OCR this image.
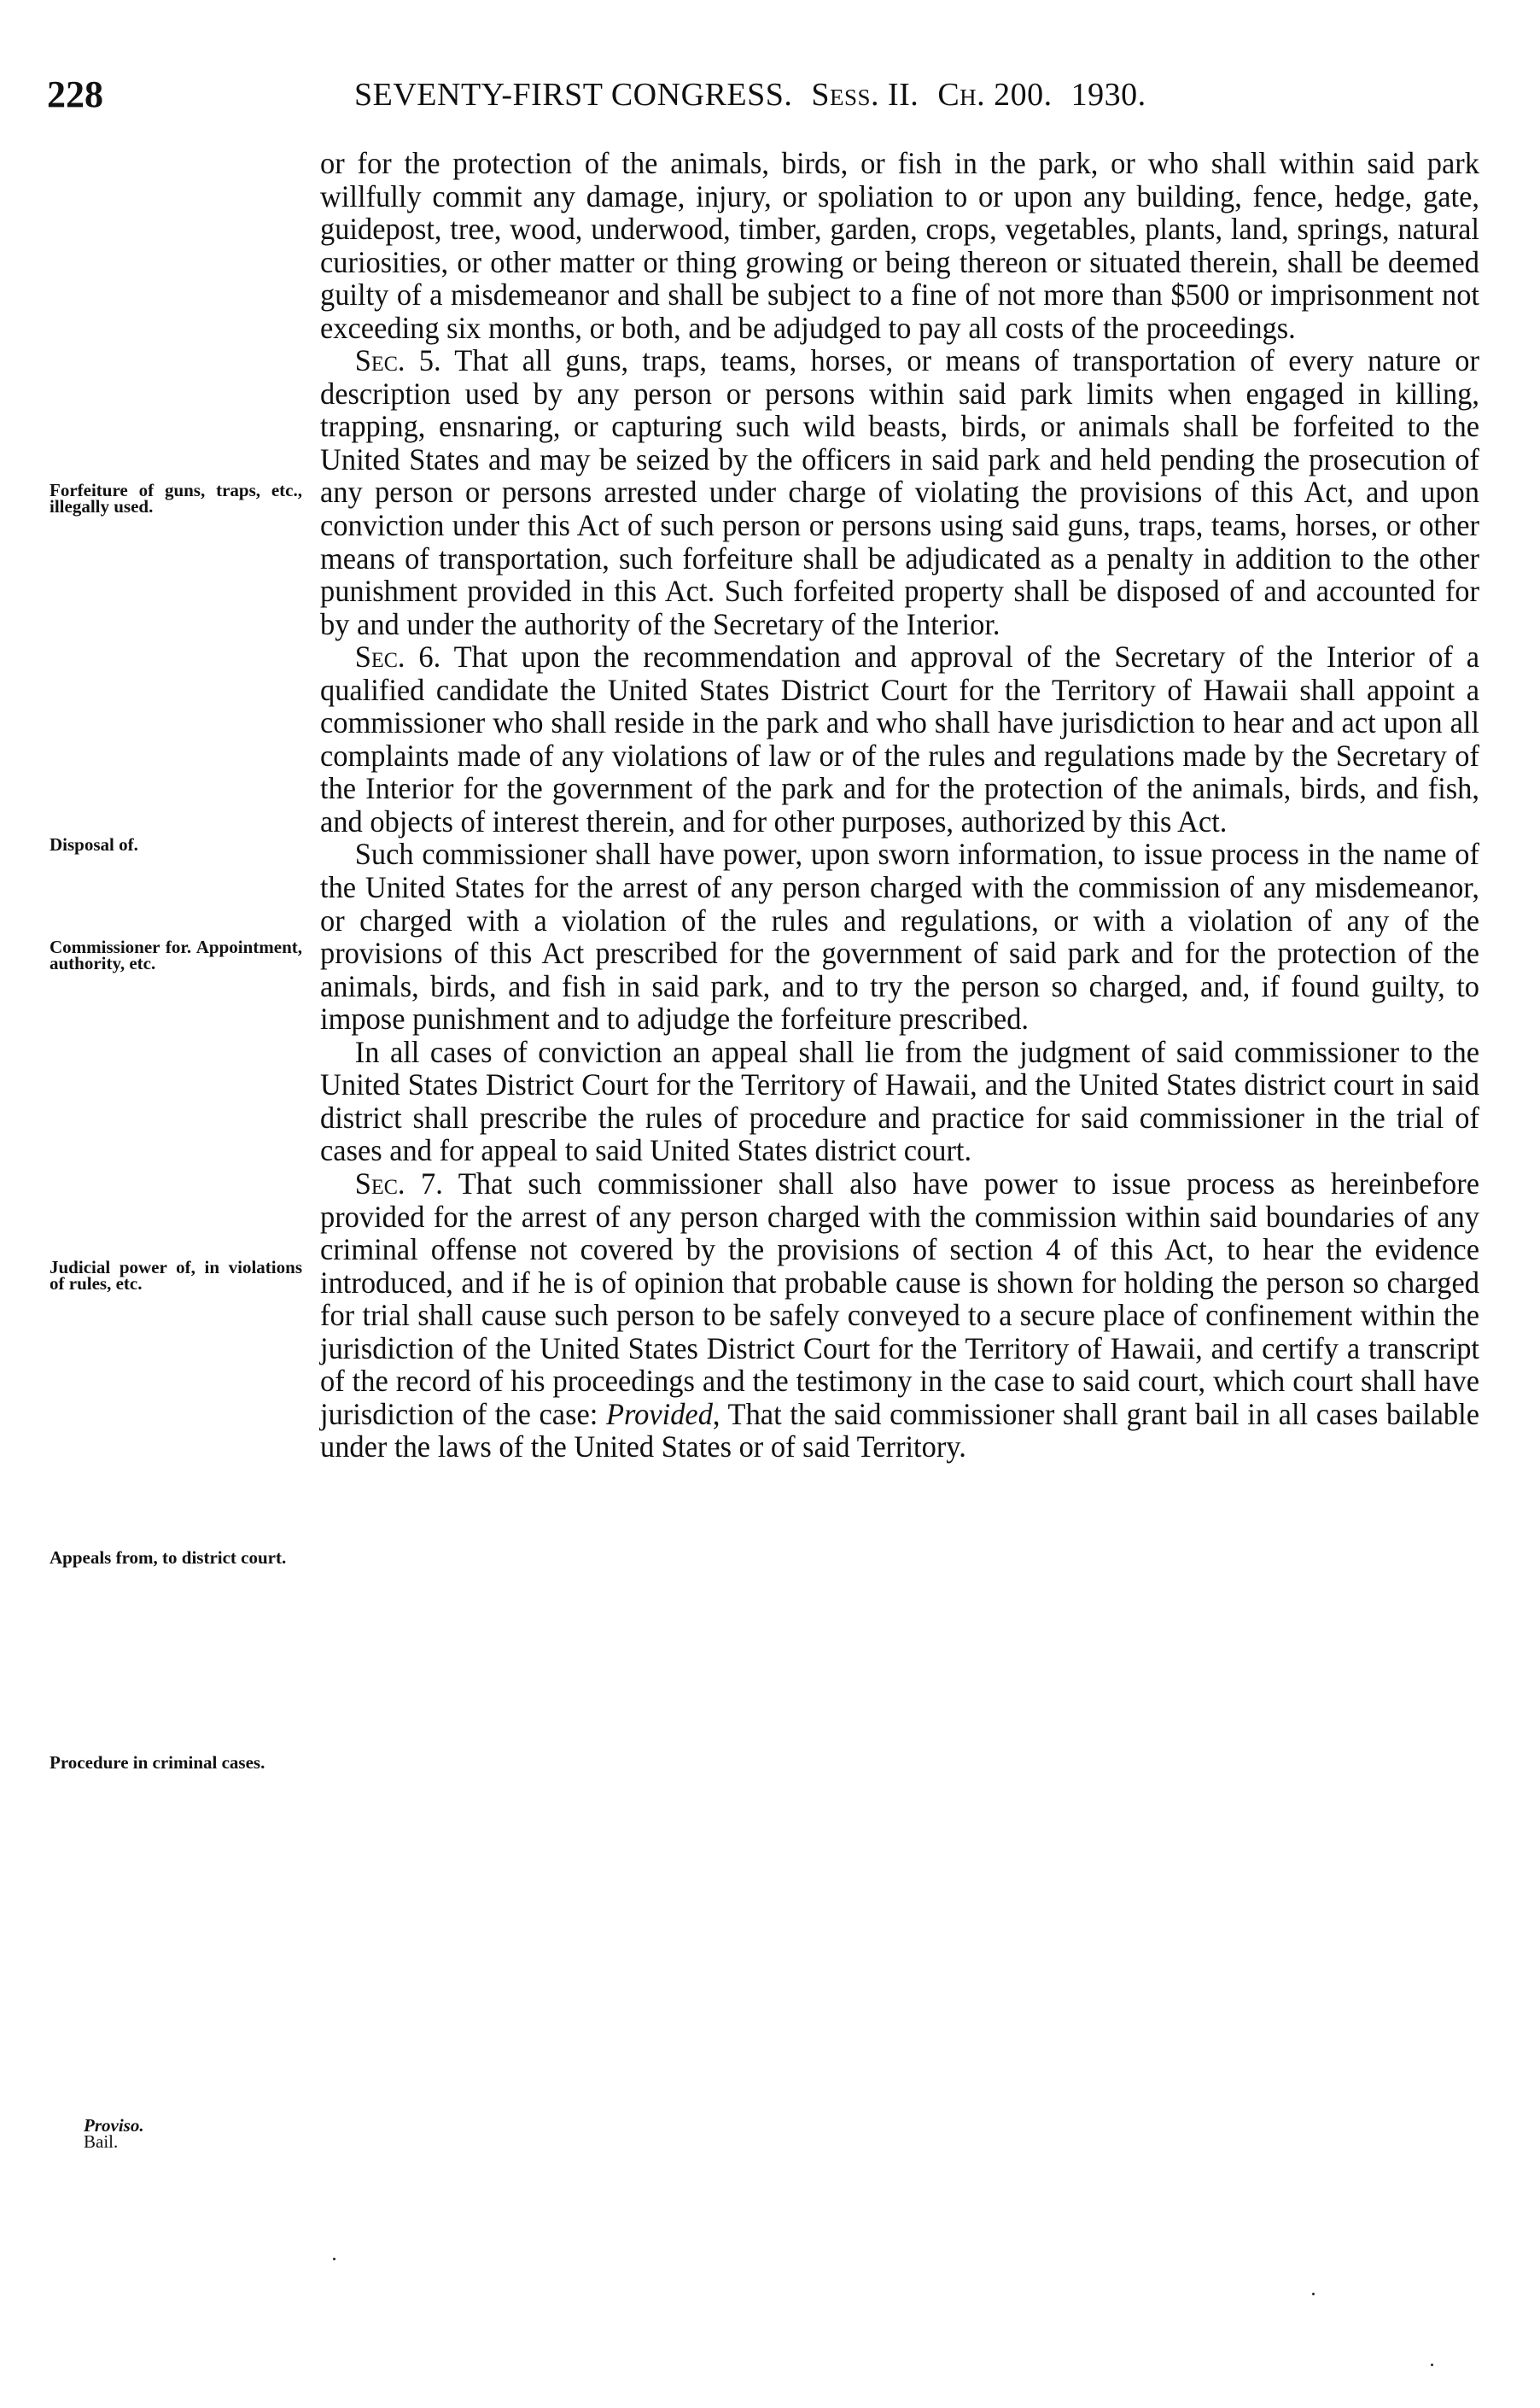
228	SEVENTY-FIRST CONGRESS. Sess. II. Ch. 200. 1930.
Forfeiture of guns, traps, etc., illegally used.
Disposal of.
Commissioner for. Appointment, authority, etc.
Judicial power of, in violations of rules, etc.
Appeals from, to district court.
Procedure in criminal cases.
Proviso.
Bail.

or for the protection of the animals, birds, or fish in the park, or who shall within said park willfully commit any damage, injury, or spoliation to or upon any building, fence, hedge, gate, guidepost, tree, wood, underwood, timber, garden, crops, vegetables, plants, land, springs, natural curiosities, or other matter or thing growing or being thereon or situated therein, shall be deemed guilty of a misdemeanor and shall be subject to a fine of not more than $500 or imprisonment not exceeding six months, or both, and be adjudged to pay all costs of the proceedings.

Sec. 5. That all guns, traps, teams, horses, or means of transportation of every nature or description used by any person or persons within said park limits when engaged in killing, trapping, ensnaring, or capturing such wild beasts, birds, or animals shall be forfeited to the United States and may be seized by the officers in said park and held pending the prosecution of any person or persons arrested under charge of violating the provisions of this Act, and upon conviction under this Act of such person or persons using said guns, traps, teams, horses, or other means of transportation, such forfeiture shall be adjudicated as a penalty in addition to the other punishment provided in this Act. Such forfeited property shall be disposed of and accounted for by and under the authority of the Secretary of the Interior.

Sec. 6. That upon the recommendation and approval of the Secretary of the Interior of a qualified candidate the United States District Court for the Territory of Hawaii shall appoint a commissioner who shall reside in the park and who shall have jurisdiction to hear and act upon all complaints made of any violations of law or of the rules and regulations made by the Secretary of the Interior for the government of the park and for the protection of the animals, birds, and fish, and objects of interest therein, and for other purposes, authorized by this Act.

Such commissioner shall have power, upon sworn information, to issue process in the name of the United States for the arrest of any person charged with the commission of any misdemeanor, or charged with a violation of the rules and regulations, or with a violation of any of the provisions of this Act prescribed for the government of said park and for the protection of the animals, birds, and fish in said park, and to try the person so charged, and, if found guilty, to impose punishment and to adjudge the forfeiture prescribed.

In all cases of conviction an appeal shall lie from the judgment of said commissioner to the United States District Court for the Territory of Hawaii, and the United States district court in said district shall prescribe the rules of procedure and practice for said commissioner in the trial of cases and for appeal to said United States district court.

Sec. 7. That such commissioner shall also have power to issue process as hereinbefore provided for the arrest of any person charged with the commission within said boundaries of any criminal offense not covered by the provisions of section 4 of this Act, to hear the evidence introduced, and if he is of opinion that probable cause is shown for holding the person so charged for trial shall cause such person to be safely conveyed to a secure place of confinement within the jurisdiction of the United States District Court for the Territory of Hawaii, and certify a transcript of the record of his proceedings and the testimony in the case to said court, which court shall have jurisdiction of the case: Provided, That the said commissioner shall grant bail in all cases bailable under the laws of the United States or of said Territory.
